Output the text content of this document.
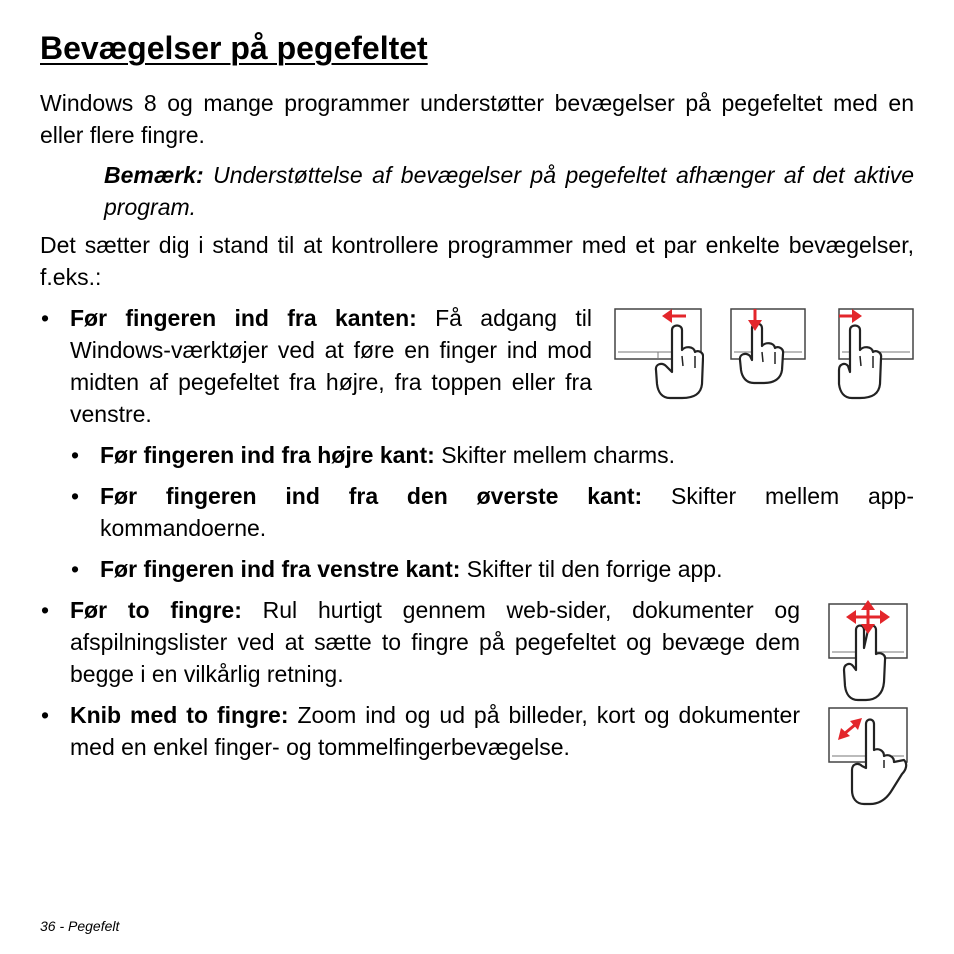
Bevægelser på pegefeltet
Windows 8 og mange programmer understøtter bevægelser på pegefeltet med en eller flere fingre.
Bemærk: Understøttelse af bevægelser på pegefeltet afhænger af det aktive program.
Det sætter dig i stand til at kontrollere programmer med et par enkelte bevægelser, f.eks.:
• Før fingeren ind fra kanten: Få adgang til Windows-værktøjer ved at føre en finger ind mod midten af pegefeltet fra højre, fra toppen eller fra venstre.
• Før fingeren ind fra højre kant: Skifter mellem charms.
• Før fingeren ind fra den øverste kant: Skifter mellem app-kommandoerne.
• Før fingeren ind fra venstre kant: Skifter til den forrige app.
• Før to fingre: Rul hurtigt gennem web-sider, dokumenter og afspilningslister ved at sætte to fingre på pegefeltet og bevæge dem begge i en vilkårlig retning.
• Knib med to fingre: Zoom ind og ud på billeder, kort og dokumenter med en enkel finger- og tommelfingerbevægelse.
36 - Pegefelt
